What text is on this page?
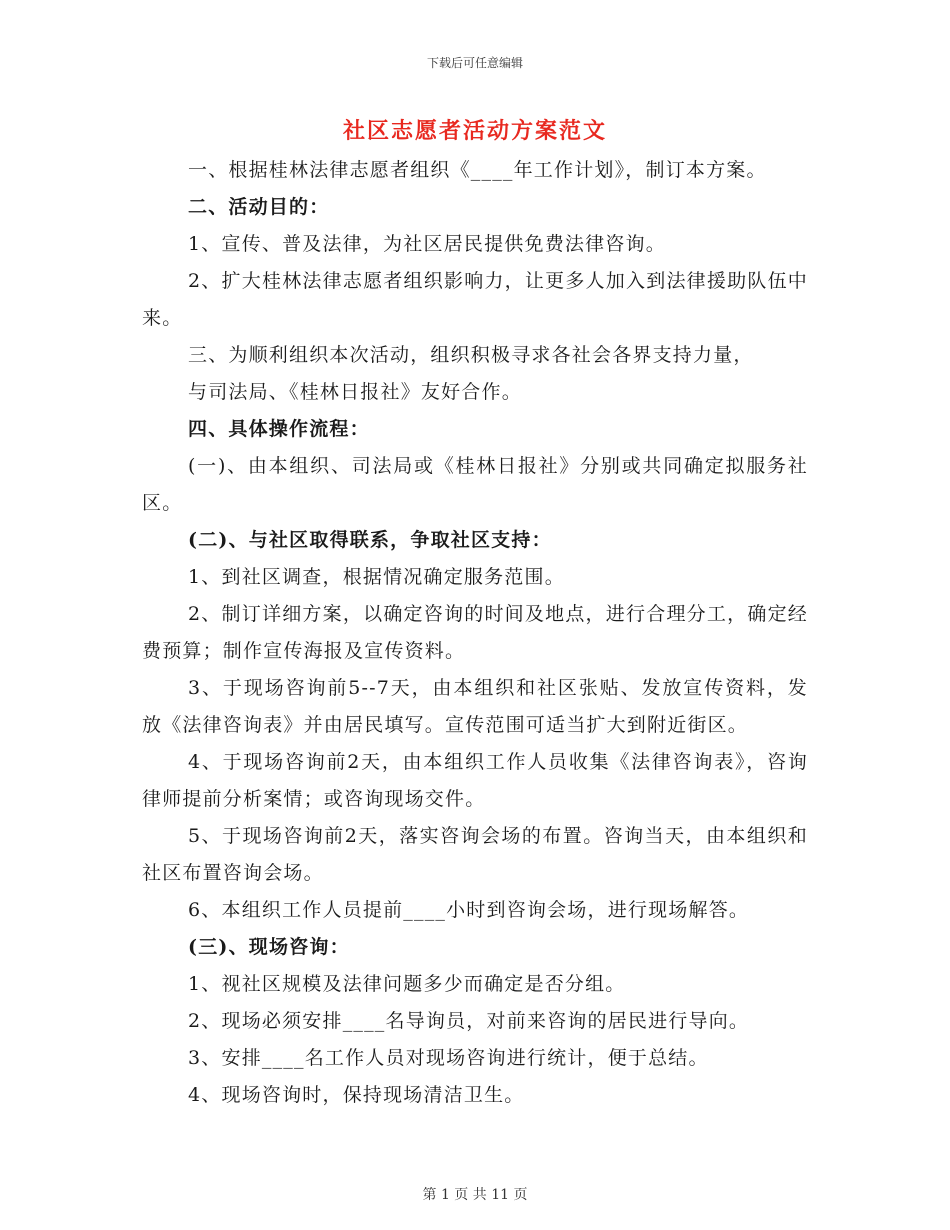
下载后可任意编辑
社区志愿者活动方案范文

一、根据桂林法律志愿者组织《____年工作计划》，制订本方案。

二、活动目的：

1、宣传、普及法律，为社区居民提供免费法律咨询。

2、扩大桂林法律志愿者组织影响力，让更多人加入到法律援助队伍中来。

三、为顺利组织本次活动，组织积极寻求各社会各界支持力量，
与司法局、《桂林日报社》友好合作。

四、具体操作流程：

(一)、由本组织、司法局或《桂林日报社》分别或共同确定拟服务社区。

(二)、与社区取得联系，争取社区支持：

1、到社区调查，根据情况确定服务范围。

2、制订详细方案，以确定咨询的时间及地点，进行合理分工，确定经费预算；制作宣传海报及宣传资料。

3、于现场咨询前5--7天，由本组织和社区张贴、发放宣传资料，发放《法律咨询表》并由居民填写。宣传范围可适当扩大到附近街区。

4、于现场咨询前2天，由本组织工作人员收集《法律咨询表》，咨询律师提前分析案情；或咨询现场交件。

5、于现场咨询前2天，落实咨询会场的布置。咨询当天，由本组织和社区布置咨询会场。

6、本组织工作人员提前____小时到咨询会场，进行现场解答。

(三)、现场咨询：

1、视社区规模及法律问题多少而确定是否分组。

2、现场必须安排____名导询员，对前来咨询的居民进行导向。

3、安排____名工作人员对现场咨询进行统计，便于总结。

4、现场咨询时，保持现场清洁卫生。

第 1 页 共 11 页
